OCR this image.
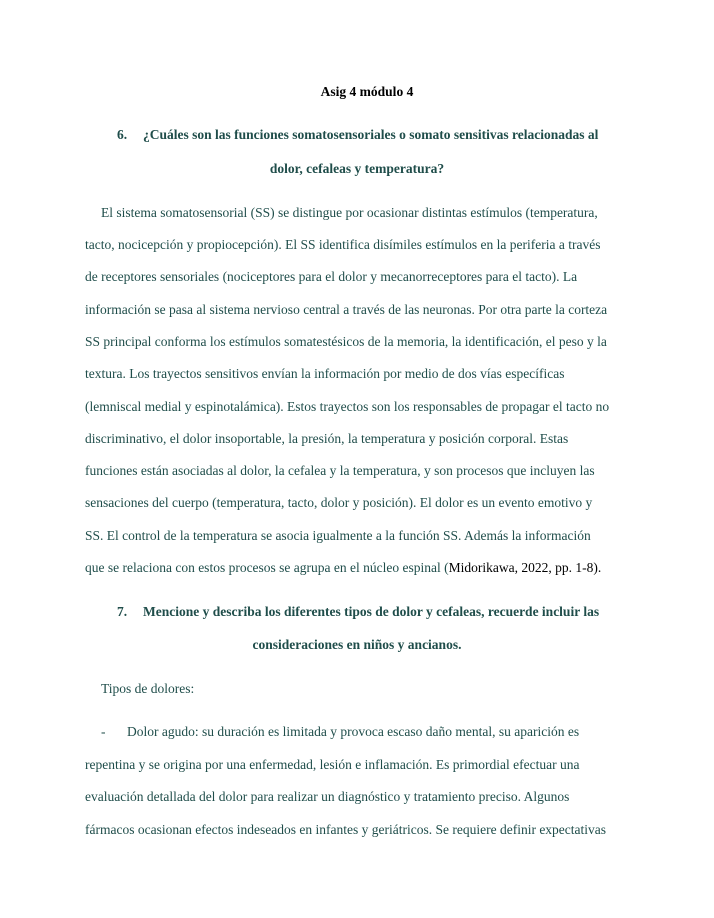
Asig 4 módulo 4
6. ¿Cuáles son las funciones somatosensoriales o somato sensitivas relacionadas al
dolor, cefaleas y temperatura?
El sistema somatosensorial (SS) se distingue por ocasionar distintas estímulos (temperatura,
tacto, nocicepción y propiocepción). El SS identifica disímiles estímulos en la periferia a través
de receptores sensoriales (nociceptores para el dolor y mecanorreceptores para el tacto). La
información se pasa al sistema nervioso central a través de las neuronas. Por otra parte la corteza
SS principal conforma los estímulos somatestésicos de la memoria, la identificación, el peso y la
textura. Los trayectos sensitivos envían la información por medio de dos vías específicas
(lemniscal medial y espinotalámica). Estos trayectos son los responsables de propagar el tacto no
discriminativo, el dolor insoportable, la presión, la temperatura y posición corporal. Estas
funciones están asociadas al dolor, la cefalea y la temperatura, y son procesos que incluyen las
sensaciones del cuerpo (temperatura, tacto, dolor y posición). El dolor es un evento emotivo y
SS. El control de la temperatura se asocia igualmente a la función SS. Además la información
que se relaciona con estos procesos se agrupa en el núcleo espinal (Midorikawa, 2022, pp. 1-8).
7. Mencione y describa los diferentes tipos de dolor y cefaleas, recuerde incluir las
consideraciones en niños y ancianos.
Tipos de dolores:
- Dolor agudo: su duración es limitada y provoca escaso daño mental, su aparición es
repentina y se origina por una enfermedad, lesión e inflamación. Es primordial efectuar una
evaluación detallada del dolor para realizar un diagnóstico y tratamiento preciso. Algunos
fármacos ocasionan efectos indeseados en infantes y geriátricos. Se requiere definir expectativas
